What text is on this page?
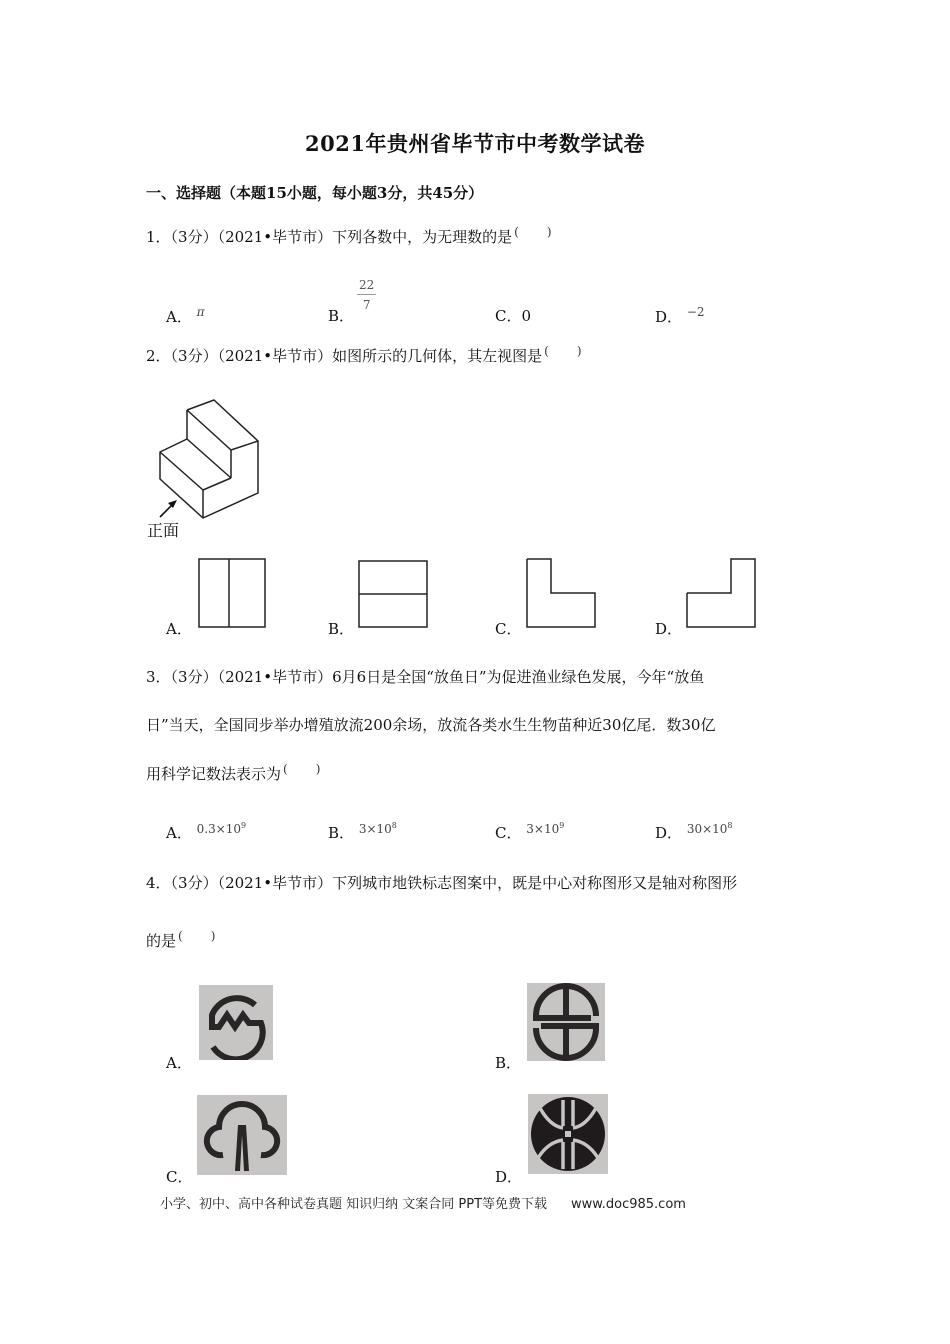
2021年贵州省毕节市中考数学试卷
一、选择题（本题15小题，每小题3分，共45分）
1．（3分）（2021•毕节市）下列各数中，为无理数的是 ( )
A． $^\pi$	B．
$\frac{22}{7}$
C．0	D． $^{-2}$
2．（3分）（2021•毕节市）如图所示的几何体，其左视图是 ( )
正面
A．	B．	C．	D．
3．（3分）（2021•毕节市）6月6日是全国“放鱼日”为促进渔业绿色发展，今年“放鱼
日”当天，全国同步举办增殖放流200余场，放流各类水生生物苗种近30亿尾．数30亿
用科学记数法表示为 ( )
A． $^{0.3\times 10^9}$	B． $^{3\times 10^8}$	C． $^{3\times 10^9}$	D． $^{30\times 10^8}$
4．（3分）（2021•毕节市）下列城市地铁标志图案中，既是中心对称图形又是轴对称图形
的是 ( )
A．	B．
C．	D．
小学、初中、高中各种试卷真题 知识归纳 文案合同 PPT等免费下载 www.doc985.com
